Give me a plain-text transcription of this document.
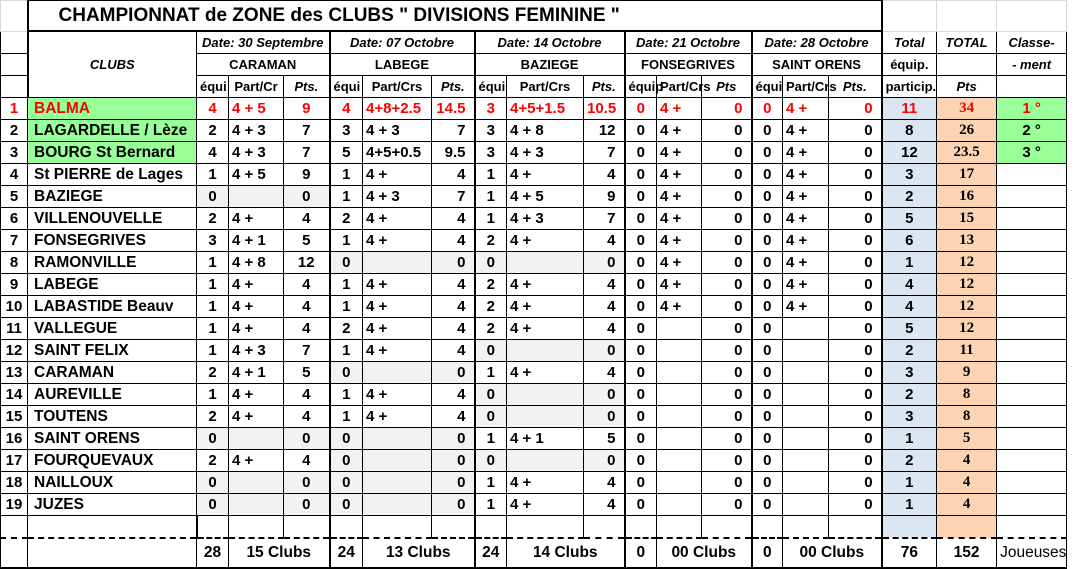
	CHAMPIONNAT de ZONE des CLUBS " DIVISIONS FEMININE "																		
	CLUBS	Date: 30 Septembre			Date: 07 Octobre			Date: 14 Octobre			Date: 21 Octobre			Date: 28 Octobre			Total	TOTAL	Classe-
		CARAMAN			LABEGE			BAZIEGE			FONSEGRIVES			SAINT ORENS			équip.		- ment
		équi	Part/Cr	Pts.	équi	Part/Crs	Pts.	équi	Part/Crs	Pts.	équip	Part/Crs	Pts	équi	Part/Crs	Pts.	particip.	Pts	
1	BALMA	4	4 + 5	9	4	4+8+2.5	14.5	3	4+5+1.5	10.5	0	4 +	0	0	4 +	0	11	34	1 °
2	LAGARDELLE / Lèze	2	4 + 3	7	3	4 + 3	7	3	4 + 8	12	0	4 +	0	0	4 +	0	8	26	2 °
3	BOURG St Bernard	4	4 + 3	7	5	4+5+0.5	9.5	3	4 + 3	7	0	4 +	0	0	4 +	0	12	23.5	3 °
4	St PIERRE de Lages	1	4 + 5	9	1	4 +	4	1	4 +	4	0	4 +	0	0	4 +	0	3	17	
5	BAZIEGE	0		0	1	4 + 3	7	1	4 + 5	9	0	4 +	0	0	4 +	0	2	16	
6	VILLENOUVELLE	2	4 +	4	2	4 +	4	1	4 + 3	7	0	4 +	0	0	4 +	0	5	15	
7	FONSEGRIVES	3	4 + 1	5	1	4 +	4	2	4 +	4	0	4 +	0	0	4 +	0	6	13	
8	RAMONVILLE	1	4 + 8	12	0		0	0		0	0	4 +	0	0	4 +	0	1	12	
9	LABEGE	1	4 +	4	1	4 +	4	2	4 +	4	0	4 +	0	0	4 +	0	4	12	
10	LABASTIDE Beauv	1	4 +	4	1	4 +	4	2	4 +	4	0	4 +	0	0	4 +	0	4	12	
11	VALLEGUE	1	4 +	4	2	4 +	4	2	4 +	4	0		0	0		0	5	12	
12	SAINT FELIX	1	4 + 3	7	1	4 +	4	0		0	0		0	0		0	2	11	
13	CARAMAN	2	4 + 1	5	0		0	1	4 +	4	0		0	0		0	3	9	
14	AUREVILLE	1	4 +	4	1	4 +	4	0		0	0		0	0		0	2	8	
15	TOUTENS	2	4 +	4	1	4 +	4	0		0	0		0	0		0	3	8	
16	SAINT ORENS	0		0	0		0	1	4 + 1	5	0		0	0		0	1	5	
17	FOURQUEVAUX	2	4 +	4	0		0	0		0	0		0	0		0	2	4	
18	NAILLOUX	0		0	0		0	1	4 +	4	0		0	0		0	1	4	
19	JUZES	0		0	0		0	1	4 +	4	0		0	0		0	1	4	

		28	15 Clubs		24	13 Clubs		24	14 Clubs		0	00 Clubs		0	00 Clubs		76	152	Joueuses
